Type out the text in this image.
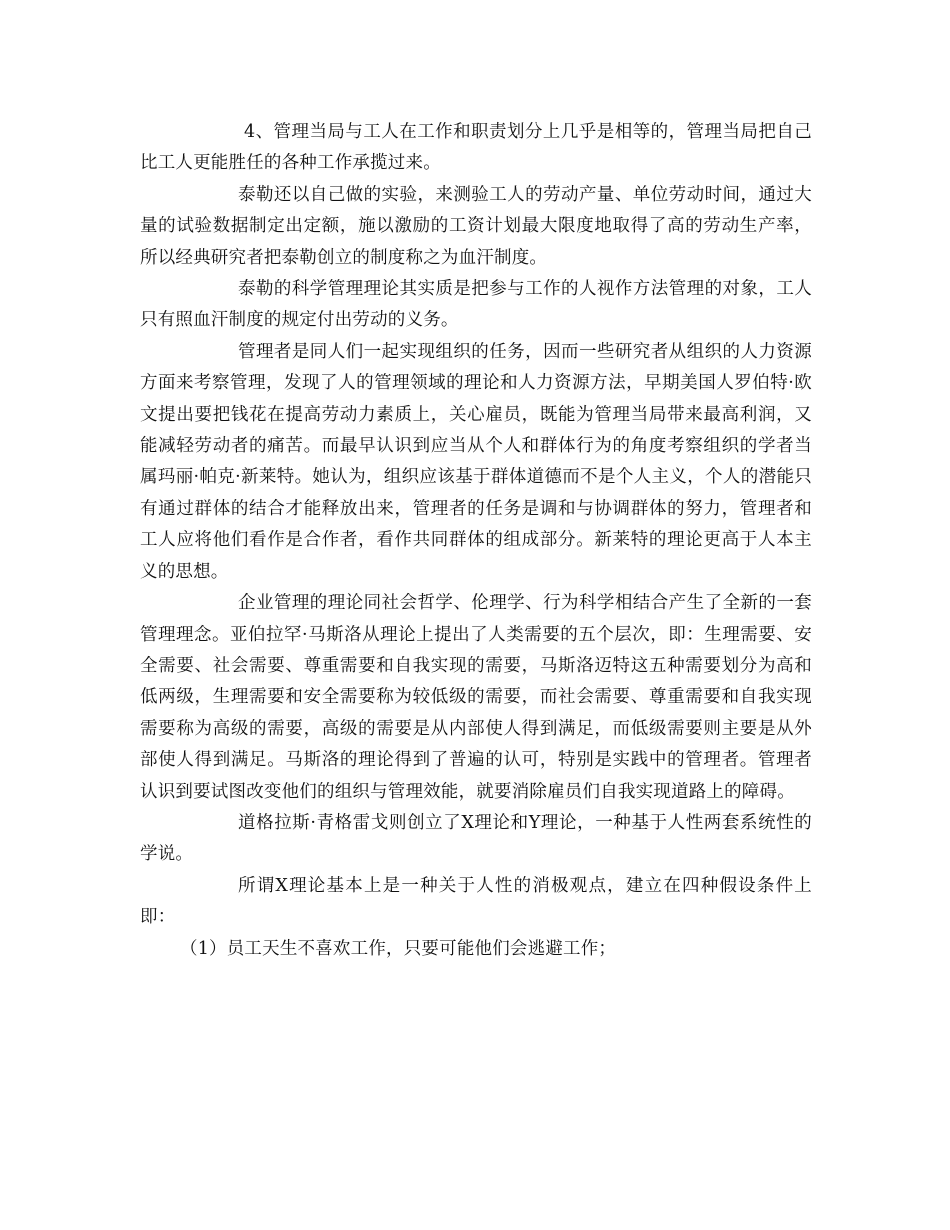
4、管理当局与工人在工作和职责划分上几乎是相等的，管理当局把自己比工人更能胜任的各种工作承揽过来。

泰勒还以自己做的实验，来测验工人的劳动产量、单位劳动时间，通过大量的试验数据制定出定额，施以激励的工资计划最大限度地取得了高的劳动生产率，所以经典研究者把泰勒创立的制度称之为血汗制度。

泰勒的科学管理理论其实质是把参与工作的人视作方法管理的对象，工人只有照血汗制度的规定付出劳动的义务。

管理者是同人们一起实现组织的任务，因而一些研究者从组织的人力资源方面来考察管理，发现了人的管理领域的理论和人力资源方法，早期美国人罗伯特·欧文提出要把钱花在提高劳动力素质上，关心雇员，既能为管理当局带来最高利润，又能减轻劳动者的痛苦。而最早认识到应当从个人和群体行为的角度考察组织的学者当属玛丽·帕克·新莱特。她认为，组织应该基于群体道德而不是个人主义，个人的潜能只有通过群体的结合才能释放出来，管理者的任务是调和与协调群体的努力，管理者和工人应将他们看作是合作者，看作共同群体的组成部分。新莱特的理论更高于人本主义的思想。

企业管理的理论同社会哲学、伦理学、行为科学相结合产生了全新的一套管理理念。亚伯拉罕·马斯洛从理论上提出了人类需要的五个层次，即：生理需要、安全需要、社会需要、尊重需要和自我实现的需要，马斯洛迈特这五种需要划分为高和低两级，生理需要和安全需要称为较低级的需要，而社会需要、尊重需要和自我实现需要称为高级的需要，高级的需要是从内部使人得到满足，而低级需要则主要是从外部使人得到满足。马斯洛的理论得到了普遍的认可，特别是实践中的管理者。管理者认识到要试图改变他们的组织与管理效能，就要消除雇员们自我实现道路上的障碍。

道格拉斯·青格雷戈则创立了X理论和Y理论，一种基于人性两套系统性的学说。

所谓X理论基本上是一种关于人性的消极观点，建立在四种假设条件上即：

（1）员工天生不喜欢工作，只要可能他们会逃避工作；
